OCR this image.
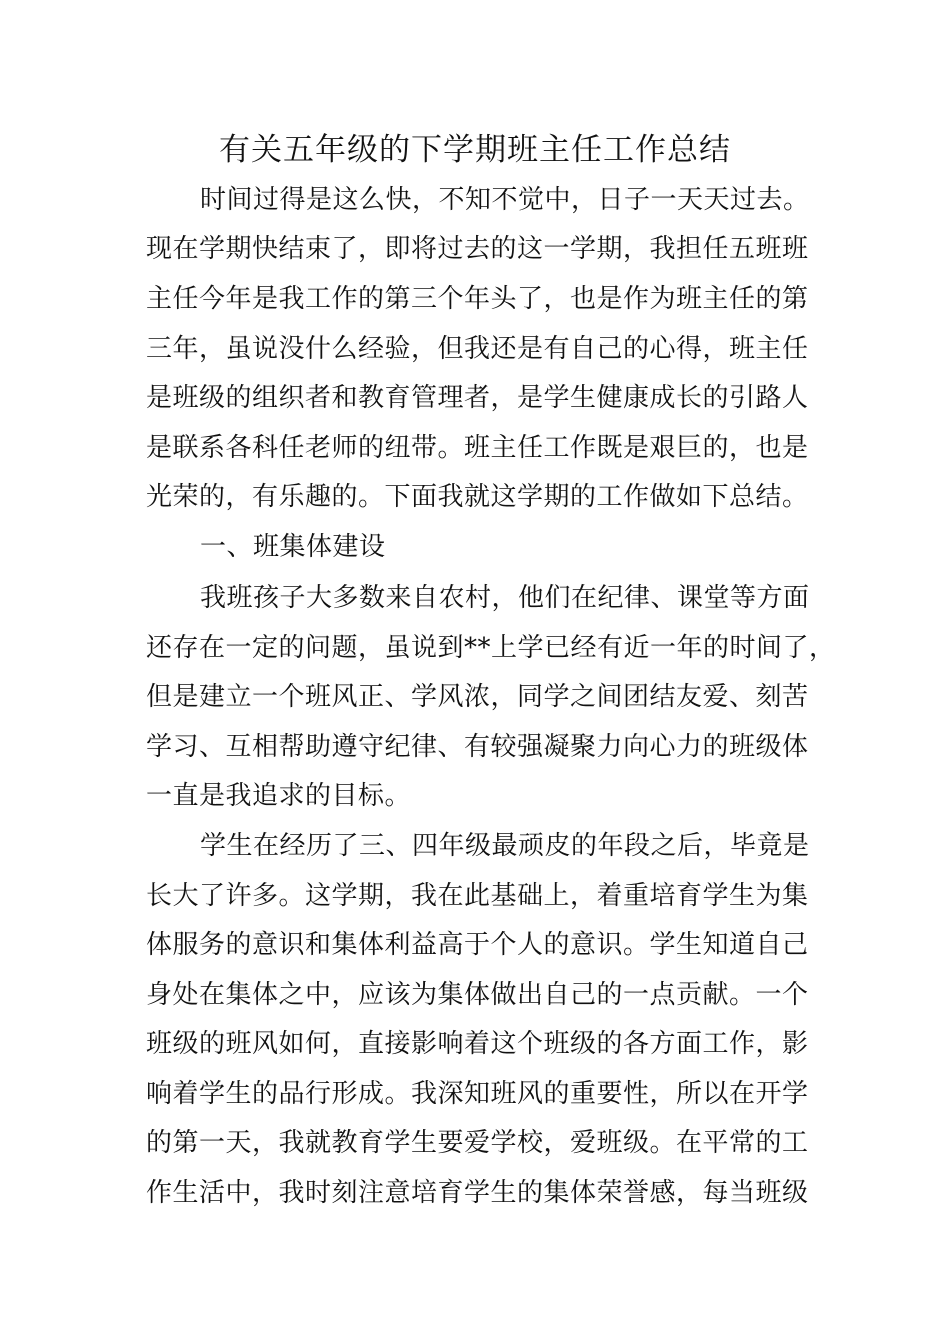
有关五年级的下学期班主任工作总结
时间过得是这么快，不知不觉中，日子一天天过去。
现在学期快结束了，即将过去的这一学期，我担任五班班
主任今年是我工作的第三个年头了，也是作为班主任的第
三年，虽说没什么经验，但我还是有自己的心得，班主任
是班级的组织者和教育管理者，是学生健康成长的引路人
是联系各科任老师的纽带。班主任工作既是艰巨的，也是
光荣的，有乐趣的。下面我就这学期的工作做如下总结。
一、班集体建设
我班孩子大多数来自农村，他们在纪律、课堂等方面
还存在一定的问题，虽说到**上学已经有近一年的时间了，
但是建立一个班风正、学风浓，同学之间团结友爱、刻苦
学习、互相帮助遵守纪律、有较强凝聚力向心力的班级体
一直是我追求的目标。
学生在经历了三、四年级最顽皮的年段之后，毕竟是
长大了许多。这学期，我在此基础上，着重培育学生为集
体服务的意识和集体利益高于个人的意识。学生知道自己
身处在集体之中，应该为集体做出自己的一点贡献。一个
班级的班风如何，直接影响着这个班级的各方面工作，影
响着学生的品行形成。我深知班风的重要性，所以在开学
的第一天，我就教育学生要爱学校，爱班级。在平常的工
作生活中，我时刻注意培育学生的集体荣誉感，每当班级
